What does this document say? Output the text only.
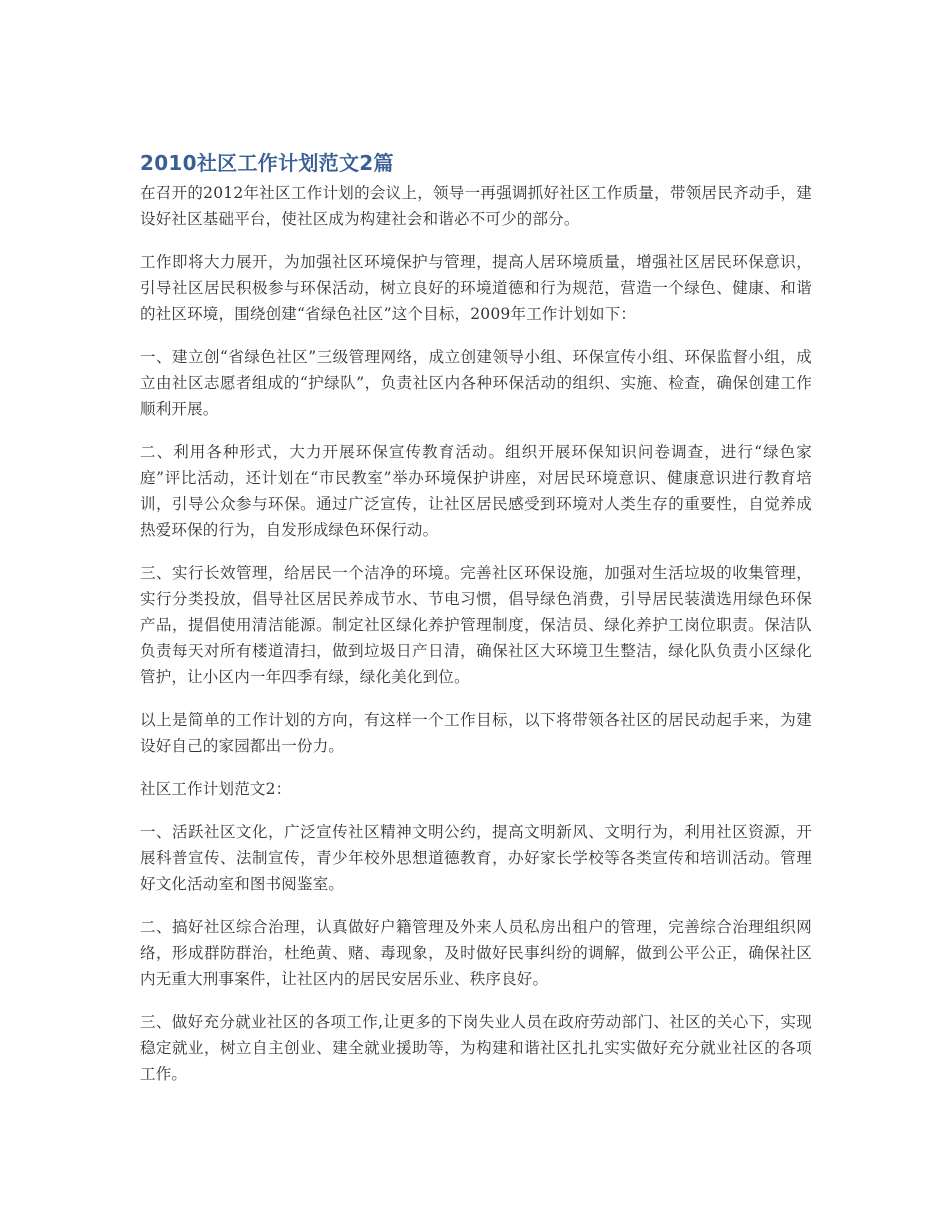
2010社区工作计划范文2篇

在召开的2012年社区工作计划的会议上，领导一再强调抓好社区工作质量，带领居民齐动手，建设好社区基础平台，使社区成为构建社会和谐必不可少的部分。

工作即将大力展开，为加强社区环境保护与管理，提高人居环境质量，增强社区居民环保意识，引导社区居民积极参与环保活动，树立良好的环境道德和行为规范，营造一个绿色、健康、和谐的社区环境，围绕创建“省绿色社区”这个目标，2009年工作计划如下：

一、建立创“省绿色社区”三级管理网络，成立创建领导小组、环保宣传小组、环保监督小组，成立由社区志愿者组成的“护绿队”，负责社区内各种环保活动的组织、实施、检查，确保创建工作顺利开展。

二、利用各种形式，大力开展环保宣传教育活动。组织开展环保知识问卷调查，进行“绿色家庭”评比活动，还计划在“市民教室”举办环境保护讲座，对居民环境意识、健康意识进行教育培训，引导公众参与环保。通过广泛宣传，让社区居民感受到环境对人类生存的重要性，自觉养成热爱环保的行为，自发形成绿色环保行动。

三、实行长效管理，给居民一个洁净的环境。完善社区环保设施，加强对生活垃圾的收集管理，实行分类投放，倡导社区居民养成节水、节电习惯，倡导绿色消费，引导居民装潢选用绿色环保产品，提倡使用清洁能源。制定社区绿化养护管理制度，保洁员、绿化养护工岗位职责。保洁队负责每天对所有楼道清扫，做到垃圾日产日清，确保社区大环境卫生整洁，绿化队负责小区绿化管护，让小区内一年四季有绿，绿化美化到位。

以上是简单的工作计划的方向，有这样一个工作目标，以下将带领各社区的居民动起手来，为建设好自己的家园都出一份力。

社区工作计划范文2：

一、活跃社区文化，广泛宣传社区精神文明公约，提高文明新风、文明行为，利用社区资源，开展科普宣传、法制宣传，青少年校外思想道德教育，办好家长学校等各类宣传和培训活动。管理好文化活动室和图书阅鉴室。

二、搞好社区综合治理，认真做好户籍管理及外来人员私房出租户的管理，完善综合治理组织网络，形成群防群治，杜绝黄、赌、毒现象，及时做好民事纠纷的调解，做到公平公正，确保社区内无重大刑事案件，让社区内的居民安居乐业、秩序良好。

三、做好充分就业社区的各项工作,让更多的下岗失业人员在政府劳动部门、社区的关心下，实现稳定就业，树立自主创业、建全就业援助等，为构建和谐社区扎扎实实做好充分就业社区的各项工作。
